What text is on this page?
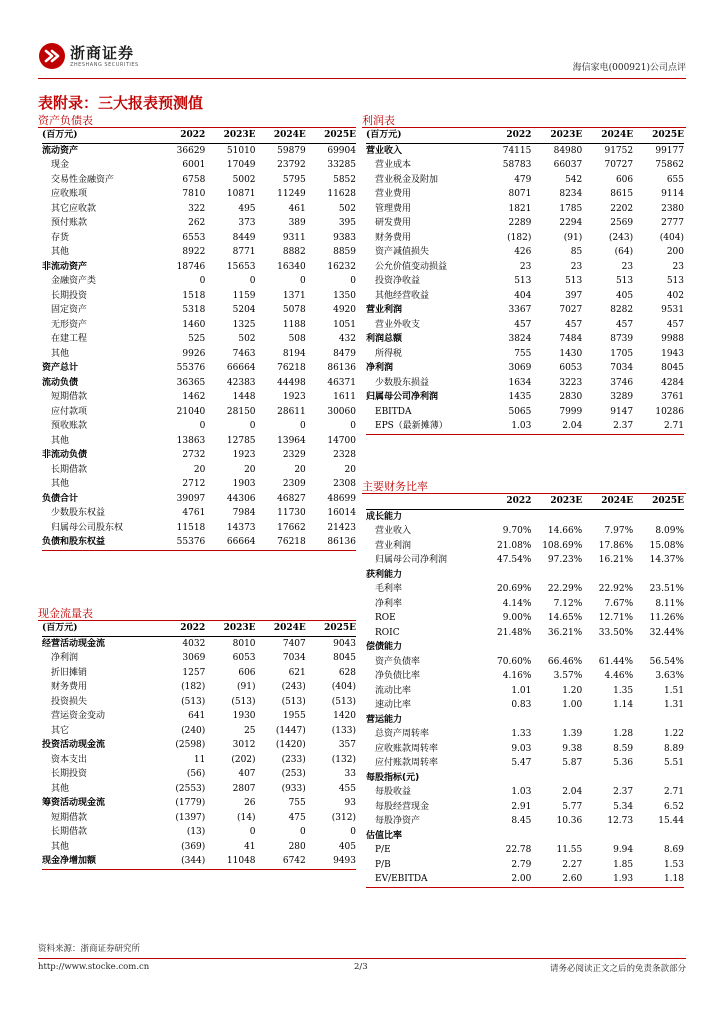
浙商证券
ZHESHANG SECURITIES	海信家电(000921)公司点评
表附录：三大报表预测值
资产负债表
(百万元)	2022	2023E	2024E	2025E
流动资产	36629	51010	59879	69904
现金	6001	17049	23792	33285
交易性金融资产	6758	5002	5795	5852
应收账项	7810	10871	11249	11628
其它应收款	322	495	461	502
预付账款	262	373	389	395
存货	6553	8449	9311	9383
其他	8922	8771	8882	8859
非流动资产	18746	15653	16340	16232
金融资产类	0	0	0	0
长期投资	1518	1159	1371	1350
固定资产	5318	5204	5078	4920
无形资产	1460	1325	1188	1051
在建工程	525	502	508	432
其他	9926	7463	8194	8479
资产总计	55376	66664	76218	86136
流动负债	36365	42383	44498	46371
短期借款	1462	1448	1923	1611
应付款项	21040	28150	28611	30060
预收账款	0	0	0	0
其他	13863	12785	13964	14700
非流动负债	2732	1923	2329	2328
长期借款	20	20	20	20
其他	2712	1903	2309	2308
负债合计	39097	44306	46827	48699
少数股东权益	4761	7984	11730	16014
归属母公司股东权	11518	14373	17662	21423
负债和股东权益	55376	66664	76218	86136
现金流量表
(百万元)	2022	2023E	2024E	2025E
经营活动现金流	4032	8010	7407	9043
净利润	3069	6053	7034	8045
折旧摊销	1257	606	621	628
财务费用	(182)	(91)	(243)	(404)
投资损失	(513)	(513)	(513)	(513)
营运资金变动	641	1930	1955	1420
其它	(240)	25	(1447)	(133)
投资活动现金流	(2598)	3012	(1420)	357
资本支出	11	(202)	(233)	(132)
长期投资	(56)	407	(253)	33
其他	(2553)	2807	(933)	455
筹资活动现金流	(1779)	26	755	93
短期借款	(1397)	(14)	475	(312)
长期借款	(13)	0	0	0
其他	(369)	41	280	405
现金净增加额	(344)	11048	6742	9493
利润表
(百万元)	2022	2023E	2024E	2025E
营业收入	74115	84980	91752	99177
营业成本	58783	66037	70727	75862
营业税金及附加	479	542	606	655
营业费用	8071	8234	8615	9114
管理费用	1821	1785	2202	2380
研发费用	2289	2294	2569	2777
财务费用	(182)	(91)	(243)	(404)
资产减值损失	426	85	(64)	200
公允价值变动损益	23	23	23	23
投资净收益	513	513	513	513
其他经营收益	404	397	405	402
营业利润	3367	7027	8282	9531
营业外收支	457	457	457	457
利润总额	3824	7484	8739	9988
所得税	755	1430	1705	1943
净利润	3069	6053	7034	8045
少数股东损益	1634	3223	3746	4284
归属母公司净利润	1435	2830	3289	3761
EBITDA	5065	7999	9147	10286
EPS（最新摊薄）	1.03	2.04	2.37	2.71
主要财务比率
	2022	2023E	2024E	2025E
成长能力				
营业收入	9.70%	14.66%	7.97%	8.09%
营业利润	21.08%	108.69%	17.86%	15.08%
归属母公司净利润	47.54%	97.23%	16.21%	14.37%
获利能力				
毛利率	20.69%	22.29%	22.92%	23.51%
净利率	4.14%	7.12%	7.67%	8.11%
ROE	9.00%	14.65%	12.71%	11.26%
ROIC	21.48%	36.21%	33.50%	32.44%
偿债能力				
资产负债率	70.60%	66.46%	61.44%	56.54%
净负债比率	4.16%	3.57%	4.46%	3.63%
流动比率	1.01	1.20	1.35	1.51
速动比率	0.83	1.00	1.14	1.31
营运能力				
总资产周转率	1.33	1.39	1.28	1.22
应收账款周转率	9.03	9.38	8.59	8.89
应付账款周转率	5.47	5.87	5.36	5.51
每股指标(元)				
每股收益	1.03	2.04	2.37	2.71
每股经营现金	2.91	5.77	5.34	6.52
每股净资产	8.45	10.36	12.73	15.44
估值比率				
P/E	22.78	11.55	9.94	8.69
P/B	2.79	2.27	1.85	1.53
EV/EBITDA	2.00	2.60	1.93	1.18
资料来源：浙商证券研究所
http://www.stocke.com.cn	2/3	请务必阅读正文之后的免责条款部分
